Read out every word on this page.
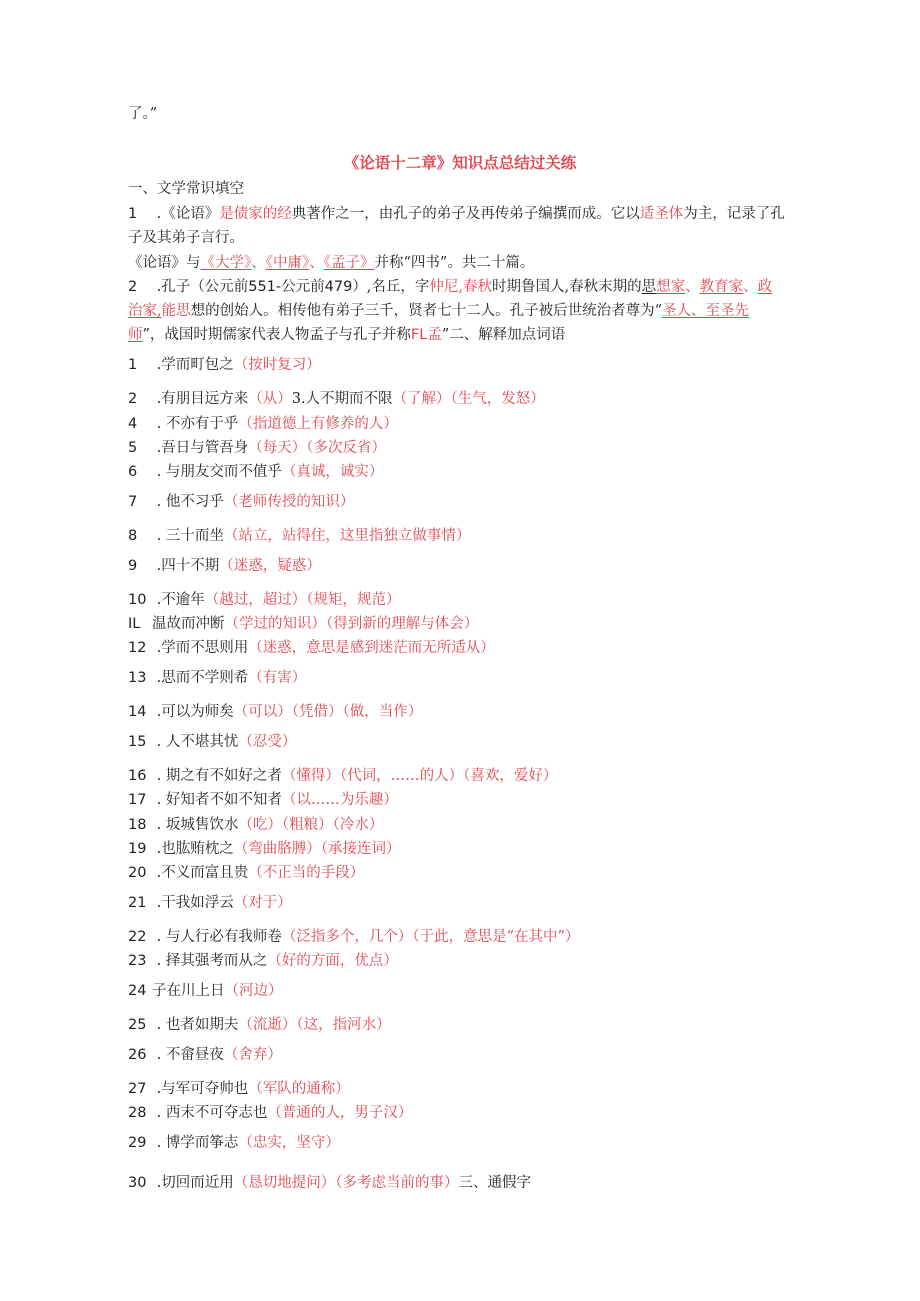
了。”
《论语十二章》知识点总结过关练
一、文学常识填空
1 .《论语》是债家的经典著作之一，由孔子的弟子及再传弟子编撰而成。它以适圣体为主，记录了孔
子及其弟子言行。
《论语》与《大学》、《中庸》、《孟子》并称“四书”。共二十篇。
2 .孔子（公元前551-公元前479）,名丘，字仲尼,春秋时期鲁国人,春秋末期的思想家、教育家、政
治家,能思想的创始人。相传他有弟子三千，贤者七十二人。孔子被后世统治者尊为“圣人、至圣先
师”，战国时期儒家代表人物孟子与孔子并称FL孟”二、解释加点词语
1 .学而町包之（按时复习）
2 .有朋目远方来（从）3.人不期而不限（了解）（生气，发怒）
4 . 不亦有于乎（指道德上有修养的人）
5 .吾日与管吾身（每天）（多次反省）
6 . 与朋友交而不值乎（真诚，诚实）
7 . 他不习乎（老师传授的知识）
8 . 三十而坐（站立，站得住，这里指独立做事情）
9 .四十不期（迷惑，疑惑）
10 .不逾年（越过，超过）（规矩，规范）
IL 温故而冲断（学过的知识）（得到新的理解与体会）
12 .学而不思则用（迷惑，意思是感到迷茫而无所适从）
13 .思而不学则希（有害）
14 .可以为师矣（可以）（凭借）（做，当作）
15 . 人不堪其忧（忍受）
16 . 期之有不如好之者（懂得）（代词，……的人）（喜欢，爱好）
17 . 好知者不如不知者（以……为乐趣）
18 . 坂城售饮水（吃）（粗粮）（冷水）
19 .也肱贿枕之（弯曲胳膊）（承接连词）
20 .不义而富且贵（不正当的手段）
21 .干我如浮云（对于）
22 . 与人行必有我师卷（泛指多个，几个）（于此，意思是“在其中”）
23 . 择其强考而从之（好的方面，优点）
24 子在川上日（河边）
25 . 也者如期夫（流逝）（这，指河水）
26 . 不畲昼夜（舍弃）
27 .与军可夺帅也（军队的通称）
28 . 西末不可夺志也（普通的人，男子汉）
29 . 博学而筝志（忠实，坚守）
30 .切回而近用（恳切地提问）（多考虑当前的事）三、通假字
